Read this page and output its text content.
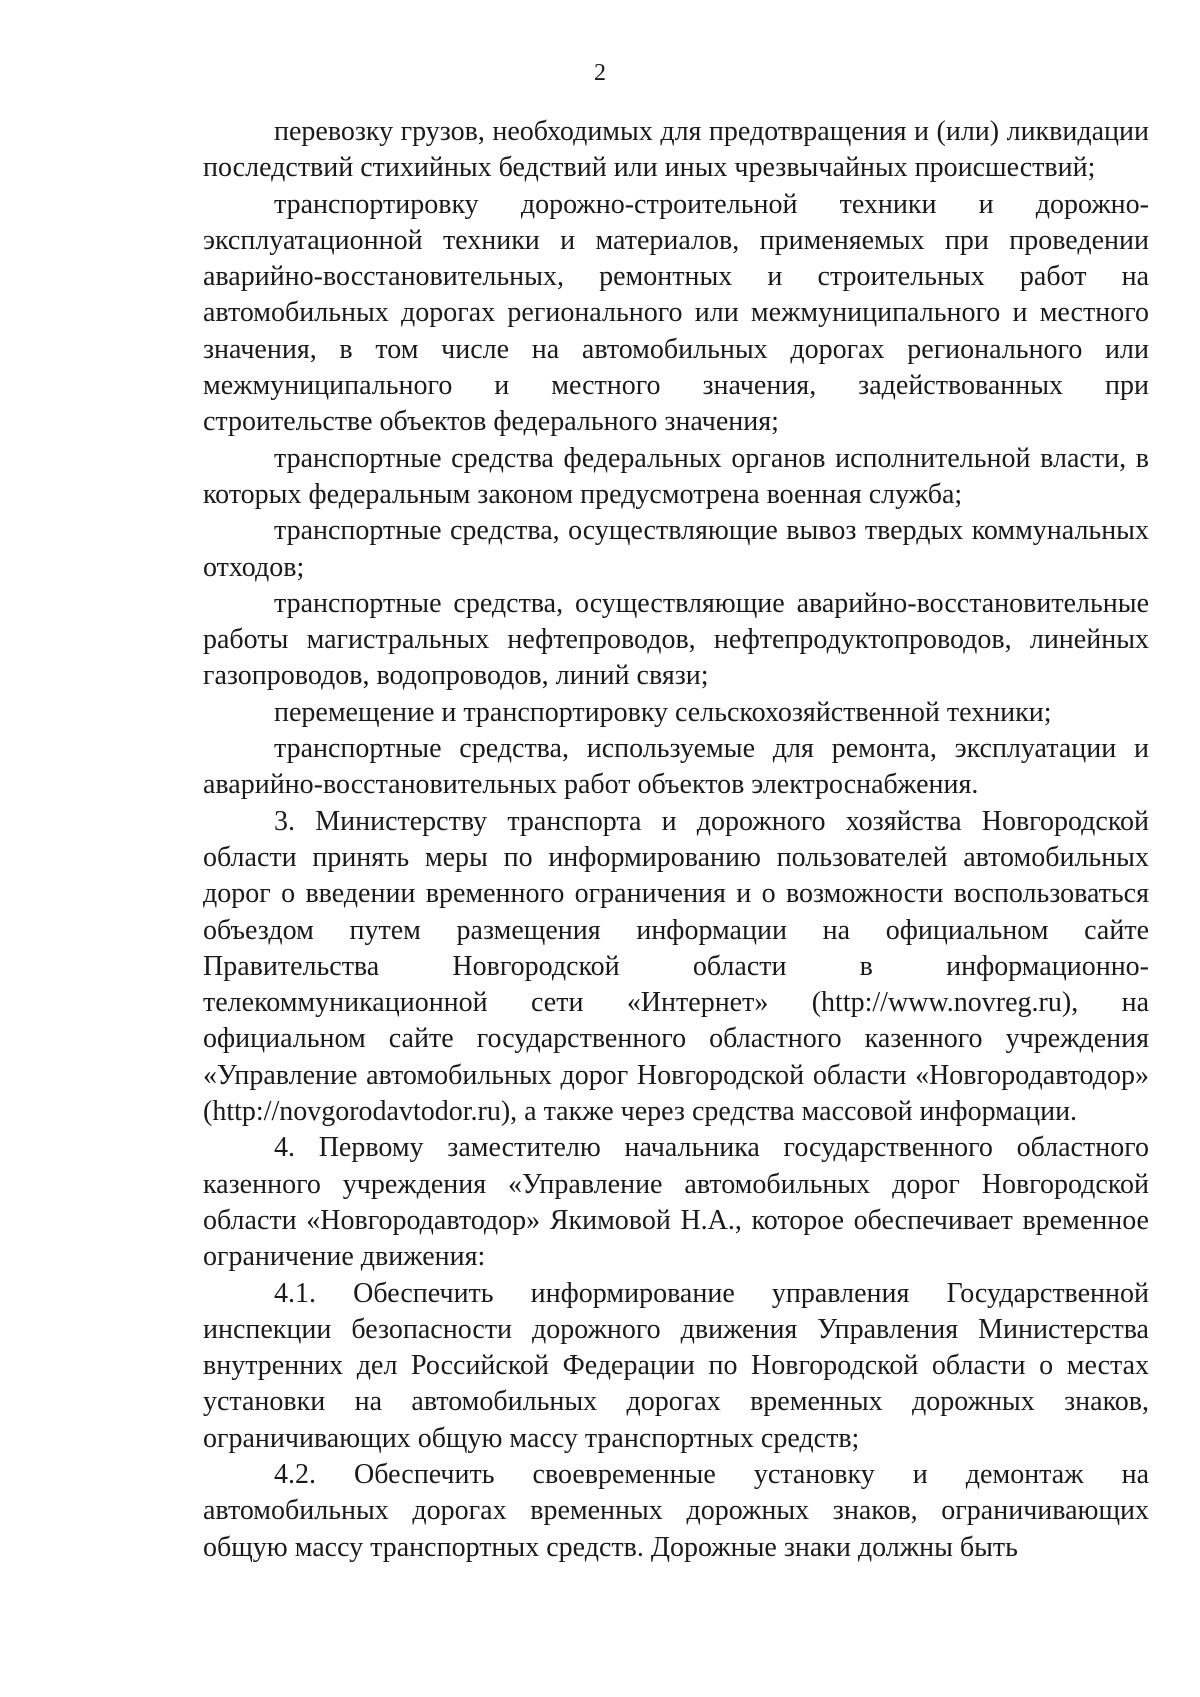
2

перевозку грузов, необходимых для предотвращения и (или) ликвидации последствий стихийных бедствий или иных чрезвычайных происшествий;

транспортировку дорожно-строительной техники и дорожно-эксплуатационной техники и материалов, применяемых при проведении аварийно-восстановительных, ремонтных и строительных работ на автомобильных дорогах регионального или межмуниципального и местного значения, в том числе на автомобильных дорогах регионального или межмуниципального и местного значения, задействованных при строительстве объектов федерального значения;

транспортные средства федеральных органов исполнительной власти, в которых федеральным законом предусмотрена военная служба;

транспортные средства, осуществляющие вывоз твердых коммунальных отходов;

транспортные средства, осуществляющие аварийно-восстановительные работы магистральных нефтепроводов, нефтепродуктопроводов, линейных газопроводов, водопроводов, линий связи;

перемещение и транспортировку сельскохозяйственной техники;

транспортные средства, используемые для ремонта, эксплуатации и аварийно-восстановительных работ объектов электроснабжения.

3. Министерству транспорта и дорожного хозяйства Новгородской области принять меры по информированию пользователей автомобильных дорог о введении временного ограничения и о возможности воспользоваться объездом путем размещения информации на официальном сайте Правительства Новгородской области в информационно-телекоммуникационной сети «Интернет» (http://www.novreg.ru), на официальном сайте государственного областного казенного учреждения «Управление автомобильных дорог Новгородской области «Новгородавтодор» (http://novgorodavtodor.ru), а также через средства массовой информации.

4. Первому заместителю начальника государственного областного казенного учреждения «Управление автомобильных дорог Новгородской области «Новгородавтодор» Якимовой Н.А., которое обеспечивает временное ограничение движения:

4.1. Обеспечить информирование управления Государственной инспекции безопасности дорожного движения Управления Министерства внутренних дел Российской Федерации по Новгородской области о местах установки на автомобильных дорогах временных дорожных знаков, ограничивающих общую массу транспортных средств;

4.2. Обеспечить своевременные установку и демонтаж на автомобильных дорогах временных дорожных знаков, ограничивающих общую массу транспортных средств. Дорожные знаки должны быть
